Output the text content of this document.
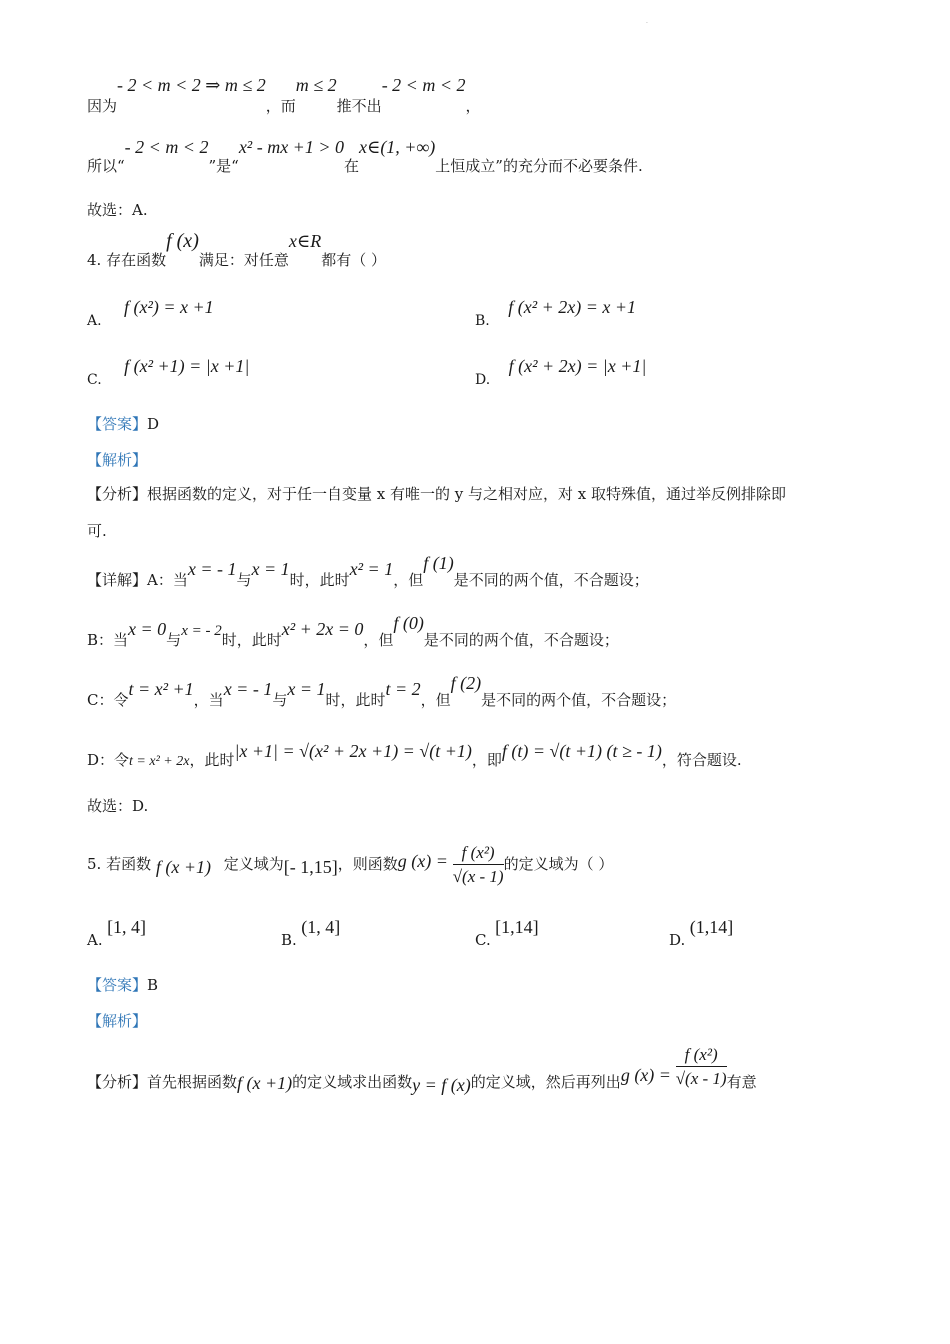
.
因为- 2 < m < 2 ⇒ m ≤ 2，而m ≤ 2推不出- 2 < m < 2，
所以“- 2 < m < 2”是“x² - mx +1 > 0在x∈(1, +∞)上恒成立”的充分而不必要条件.
故选：A.
4. 存在函数f (x)满足：对任意x∈R都有（ ）
A. f (x²) = x +1
B. f (x² + 2x) = x +1
C. f (x² +1) = |x +1|
D. f (x² + 2x) = |x +1|
【答案】D
【解析】
【分析】根据函数的定义，对于任一自变量 x 有唯一的 y 与之相对应，对 x 取特殊值，通过举反例排除即
可.
【详解】A：当x = - 1与x = 1时，此时x² = 1，但f (1)是不同的两个值，不合题设；
B：当x = 0与x = - 2时，此时x² + 2x = 0，但f (0)是不同的两个值，不合题设；
C：令t = x² +1，当x = - 1与x = 1时，此时t = 2，但f (2)是不同的两个值，不合题设；
D：令t = x² + 2x，此时|x +1| = √(x² + 2x +1) = √(t +1)，即f (t) = √(t +1) (t ≥ - 1)，符合题设.
故选：D.
5. 若函数 f (x +1) 定义域为[- 1,15]，则函数g $(x) = \frac{\text{f (x²)}}{√(x - 1)}$ 的定义域为（ ）
A. [1, 4]
B. (1, 4]
C. [1,14]
D. (1,14]
【答案】B
【解析】
【分析】首先根据函数f (x +1)的定义域求出函数y = f (x)的定义域，然后再列出g $(x) = \frac{\text{f (x²)}}{√(x - 1)}$ 有意
